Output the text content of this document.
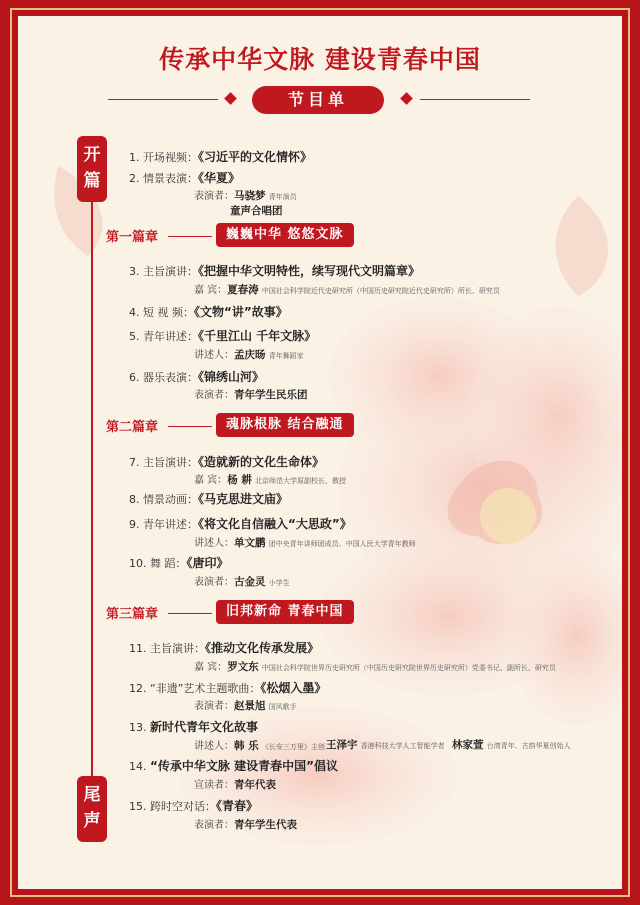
传承中华文脉 建设青春中国
节目单
开篇
尾声
第一篇章	巍巍中华 悠悠文脉
第二篇章	魂脉根脉 结合融通
第三篇章	旧邦新命 青春中国
1. 开场视频：《习近平的文化情怀》
2. 情景表演：《华夏》
3. 主旨演讲：《把握中华文明特性，续写现代文明篇章》
4. 短 视 频：《文物“讲”故事》
5. 青年讲述：《千里江山 千年文脉》
6. 器乐表演：《锦绣山河》
7. 主旨演讲：《造就新的文化生命体》
8. 情景动画：《马克思进文庙》
9. 青年讲述：《将文化自信融入“大思政”》
10. 舞 蹈：《唐印》
11. 主旨演讲：《推动文化传承发展》
12. “非遗”艺术主题歌曲：《松烟入墨》
13. 新时代青年文化故事
14. “传承中华文脉 建设青春中国”倡议
15. 跨时空对话：《青春》
表演者：马骁梦 青年演员
童声合唱团
嘉 宾：夏春涛 中国社会科学院近代史研究所（中国历史研究院近代史研究所）所长、研究员
讲述人：孟庆旸 青年舞蹈家
表演者：青年学生民乐团
嘉 宾：杨 耕 北京师范大学原副校长、教授
讲述人：单文鹏 团中央青年讲师团成员、中国人民大学青年教师
表演者：古金灵 小学生
嘉 宾：罗文东 中国社会科学院世界历史研究所（中国历史研究院世界历史研究所）党委书记、副所长、研究员
表演者：赵景旭 国风歌手
讲述人：韩 乐 《长安三万里》主创 王泽宇 香港科技大学人工智能学者 林家萱 台湾青年、古韵华夏创始人
宣读者：青年代表
表演者：青年学生代表
